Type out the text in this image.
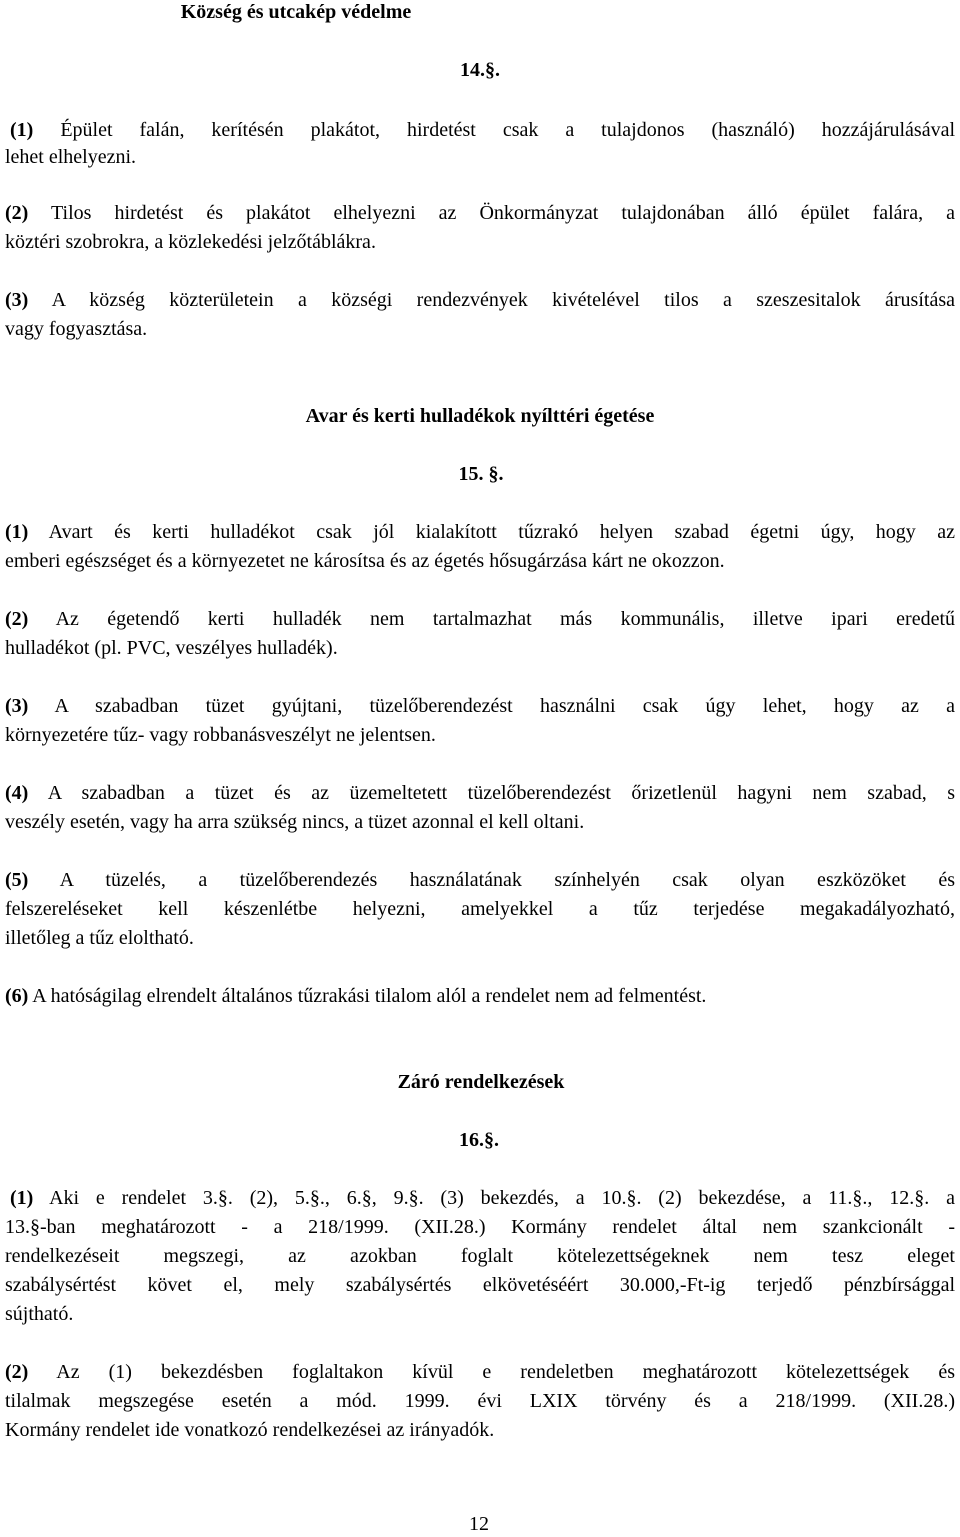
Község és utcakép védelme
14.§.
(1) Épület falán, kerítésén plakátot, hirdetést csak a tulajdonos (használó) hozzájárulásával
lehet elhelyezni.
(2) Tilos hirdetést és plakátot elhelyezni az Önkormányzat tulajdonában álló épület falára, a
köztéri szobrokra, a közlekedési jelzőtáblákra.
(3) A község közterületein a községi rendezvények kivételével tilos a szeszesitalok árusítása
vagy fogyasztása.
Avar és kerti hulladékok nyílttéri égetése
15. §.
(1) Avart és kerti hulladékot csak jól kialakított tűzrakó helyen szabad égetni úgy, hogy az
emberi egészséget és a környezetet ne károsítsa és az égetés hősugárzása kárt ne okozzon.
(2) Az égetendő kerti hulladék nem tartalmazhat más kommunális, illetve ipari eredetű
hulladékot (pl. PVC, veszélyes hulladék).
(3) A szabadban tüzet gyújtani, tüzelőberendezést használni csak úgy lehet, hogy az a
környezetére tűz- vagy robbanásveszélyt ne jelentsen.
(4) A szabadban a tüzet és az üzemeltetett tüzelőberendezést őrizetlenül hagyni nem szabad, s
veszély esetén, vagy ha arra szükség nincs, a tüzet azonnal el kell oltani.
(5) A tüzelés, a tüzelőberendezés használatának színhelyén csak olyan eszközöket és
felszereléseket kell készenlétbe helyezni, amelyekkel a tűz terjedése megakadályozható,
illetőleg a tűz eloltható.
(6) A hatóságilag elrendelt általános tűzrakási tilalom alól a rendelet nem ad felmentést.
Záró rendelkezések
16.§.
(1) Aki e rendelet 3.§. (2), 5.§., 6.§, 9.§. (3) bekezdés, a 10.§. (2) bekezdése, a 11.§., 12.§. a
13.§-ban meghatározott - a 218/1999. (XII.28.) Kormány rendelet által nem szankcionált -
rendelkezéseit megszegi, az azokban foglalt kötelezettségeknek nem tesz eleget
szabálysértést követ el, mely szabálysértés elkövetéséért 30.000,-Ft-ig terjedő pénzbírsággal
sújtható.
(2) Az (1) bekezdésben foglaltakon kívül e rendeletben meghatározott kötelezettségek és
tilalmak megszegése esetén a mód. 1999. évi LXIX törvény és a 218/1999. (XII.28.)
Kormány rendelet ide vonatkozó rendelkezései az irányadók.
12
